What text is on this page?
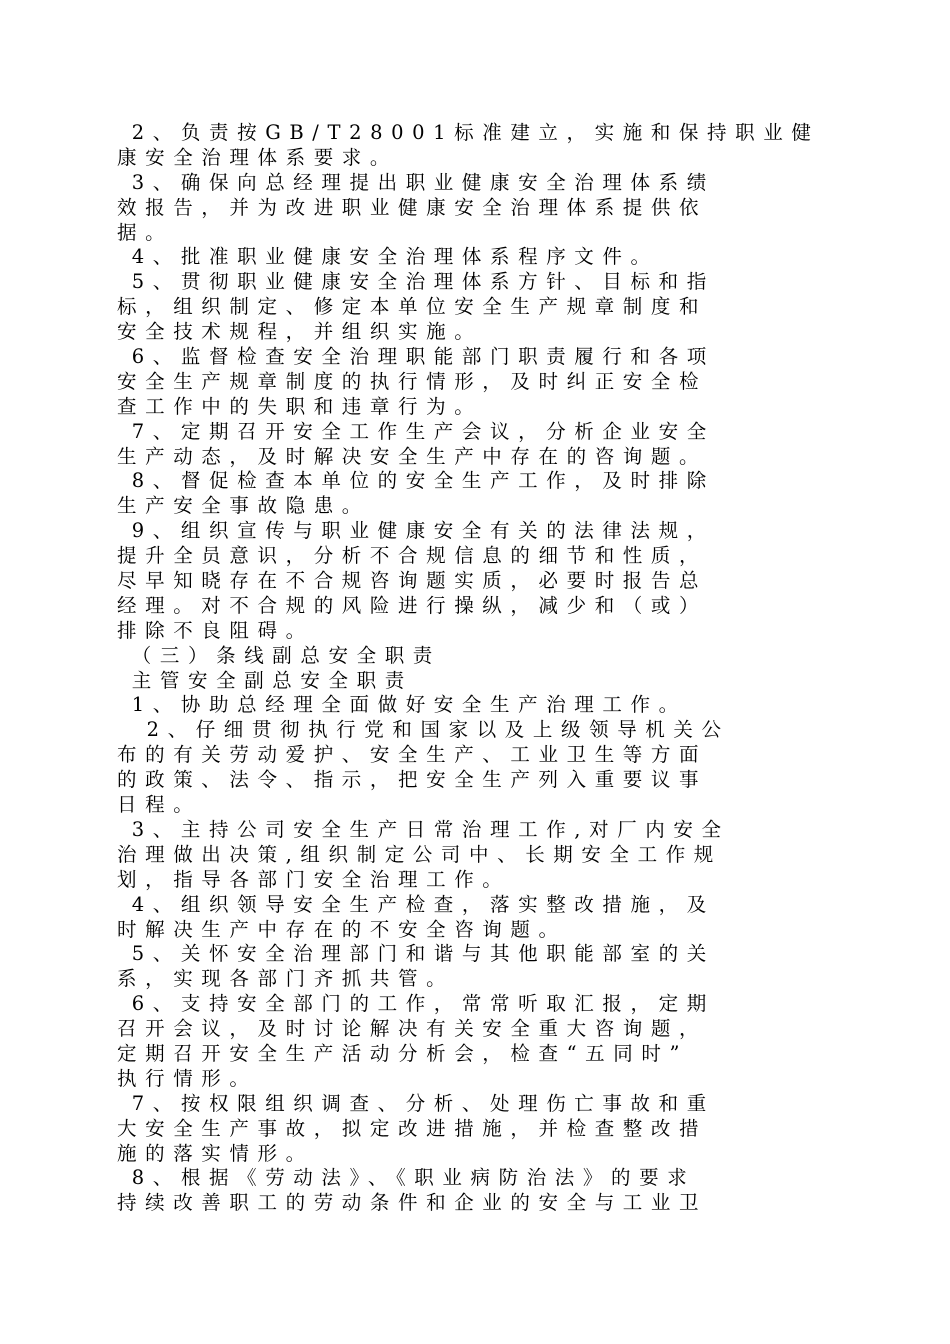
2、负责按GB/T28001标准建立，实施和保持职业健
康安全治理体系要求。
3、确保向总经理提出职业健康安全治理体系绩
效报告，并为改进职业健康安全治理体系提供依
据。
4、批准职业健康安全治理体系程序文件。
5、贯彻职业健康安全治理体系方针、目标和指
标，组织制定、修定本单位安全生产规章制度和
安全技术规程，并组织实施。
6、监督检查安全治理职能部门职责履行和各项
安全生产规章制度的执行情形，及时纠正安全检
查工作中的失职和违章行为。
7、定期召开安全工作生产会议，分析企业安全
生产动态，及时解决安全生产中存在的咨询题。
8、督促检查本单位的安全生产工作，及时排除
生产安全事故隐患。
9、组织宣传与职业健康安全有关的法律法规，
提升全员意识，分析不合规信息的细节和性质，
尽早知晓存在不合规咨询题实质，必要时报告总
经理。对不合规的风险进行操纵，减少和（或）
排除不良阻碍。
（三）条线副总安全职责
主管安全副总安全职责
1、协助总经理全面做好安全生产治理工作。
2、仔细贯彻执行党和国家以及上级领导机关公
布的有关劳动爱护、安全生产、工业卫生等方面
的政策、法令、指示，把安全生产列入重要议事
日程。
3、主持公司安全生产日常治理工作,对厂内安全
治理做出决策,组织制定公司中、长期安全工作规
划，指导各部门安全治理工作。
4、组织领导安全生产检查，落实整改措施，及
时解决生产中存在的不安全咨询题。
5、关怀安全治理部门和谐与其他职能部室的关
系，实现各部门齐抓共管。
6、支持安全部门的工作，常常听取汇报，定期
召开会议，及时讨论解决有关安全重大咨询题，
定期召开安全生产活动分析会，检查“五同时”
执行情形。
7、按权限组织调查、分析、处理伤亡事故和重
大安全生产事故，拟定改进措施，并检查整改措
施的落实情形。
8、根据《劳动法》、《职业病防治法》的要求
持续改善职工的劳动条件和企业的安全与工业卫
